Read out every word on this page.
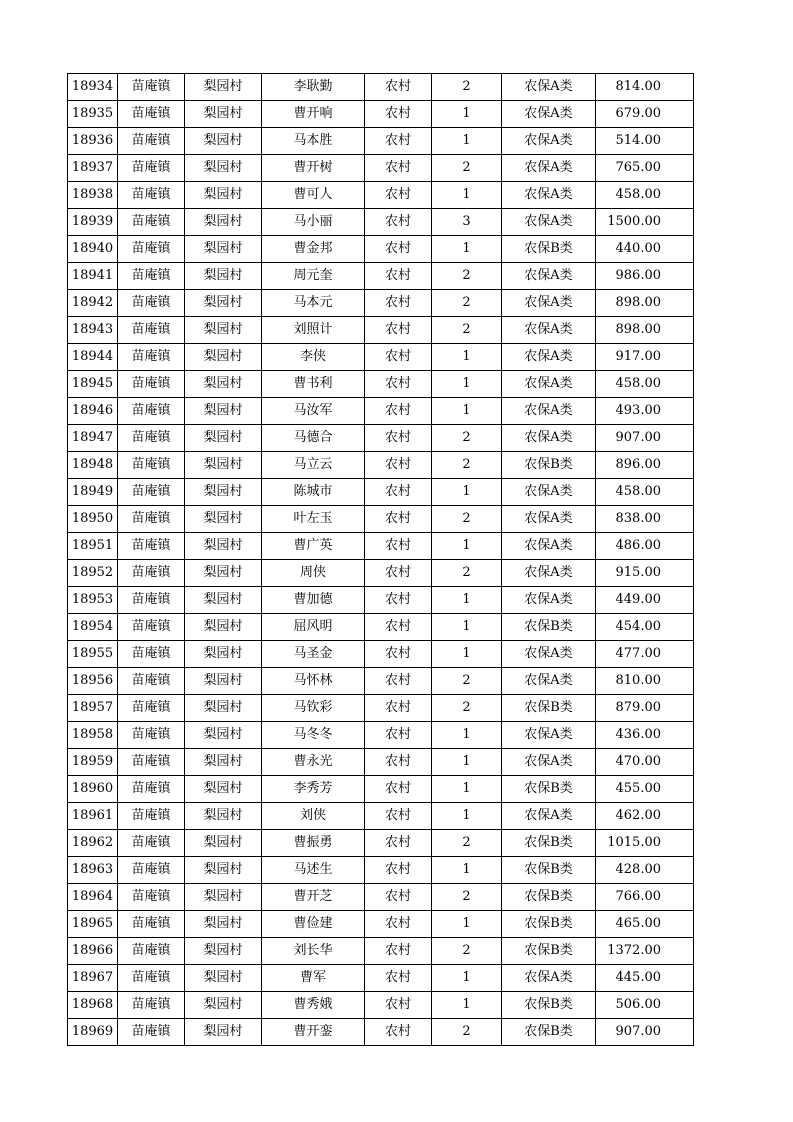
18934	苗庵镇	梨园村	李耿勤	农村	2	农保A类	814.00
18935	苗庵镇	梨园村	曹开响	农村	1	农保A类	679.00
18936	苗庵镇	梨园村	马本胜	农村	1	农保A类	514.00
18937	苗庵镇	梨园村	曹开树	农村	2	农保A类	765.00
18938	苗庵镇	梨园村	曹可人	农村	1	农保A类	458.00
18939	苗庵镇	梨园村	马小丽	农村	3	农保A类	1500.00
18940	苗庵镇	梨园村	曹金邦	农村	1	农保B类	440.00
18941	苗庵镇	梨园村	周元奎	农村	2	农保A类	986.00
18942	苗庵镇	梨园村	马本元	农村	2	农保A类	898.00
18943	苗庵镇	梨园村	刘照计	农村	2	农保A类	898.00
18944	苗庵镇	梨园村	李侠	农村	1	农保A类	917.00
18945	苗庵镇	梨园村	曹书利	农村	1	农保A类	458.00
18946	苗庵镇	梨园村	马汝军	农村	1	农保A类	493.00
18947	苗庵镇	梨园村	马德合	农村	2	农保A类	907.00
18948	苗庵镇	梨园村	马立云	农村	2	农保B类	896.00
18949	苗庵镇	梨园村	陈城市	农村	1	农保A类	458.00
18950	苗庵镇	梨园村	叶左玉	农村	2	农保A类	838.00
18951	苗庵镇	梨园村	曹广英	农村	1	农保A类	486.00
18952	苗庵镇	梨园村	周侠	农村	2	农保A类	915.00
18953	苗庵镇	梨园村	曹加德	农村	1	农保A类	449.00
18954	苗庵镇	梨园村	屈风明	农村	1	农保B类	454.00
18955	苗庵镇	梨园村	马圣金	农村	1	农保A类	477.00
18956	苗庵镇	梨园村	马怀林	农村	2	农保A类	810.00
18957	苗庵镇	梨园村	马钦彩	农村	2	农保B类	879.00
18958	苗庵镇	梨园村	马冬冬	农村	1	农保A类	436.00
18959	苗庵镇	梨园村	曹永光	农村	1	农保A类	470.00
18960	苗庵镇	梨园村	李秀芳	农村	1	农保B类	455.00
18961	苗庵镇	梨园村	刘侠	农村	1	农保A类	462.00
18962	苗庵镇	梨园村	曹振勇	农村	2	农保B类	1015.00
18963	苗庵镇	梨园村	马述生	农村	1	农保B类	428.00
18964	苗庵镇	梨园村	曹开芝	农村	2	农保B类	766.00
18965	苗庵镇	梨园村	曹俭建	农村	1	农保B类	465.00
18966	苗庵镇	梨园村	刘长华	农村	2	农保B类	1372.00
18967	苗庵镇	梨园村	曹军	农村	1	农保A类	445.00
18968	苗庵镇	梨园村	曹秀娥	农村	1	农保B类	506.00
18969	苗庵镇	梨园村	曹开銮	农村	2	农保B类	907.00
